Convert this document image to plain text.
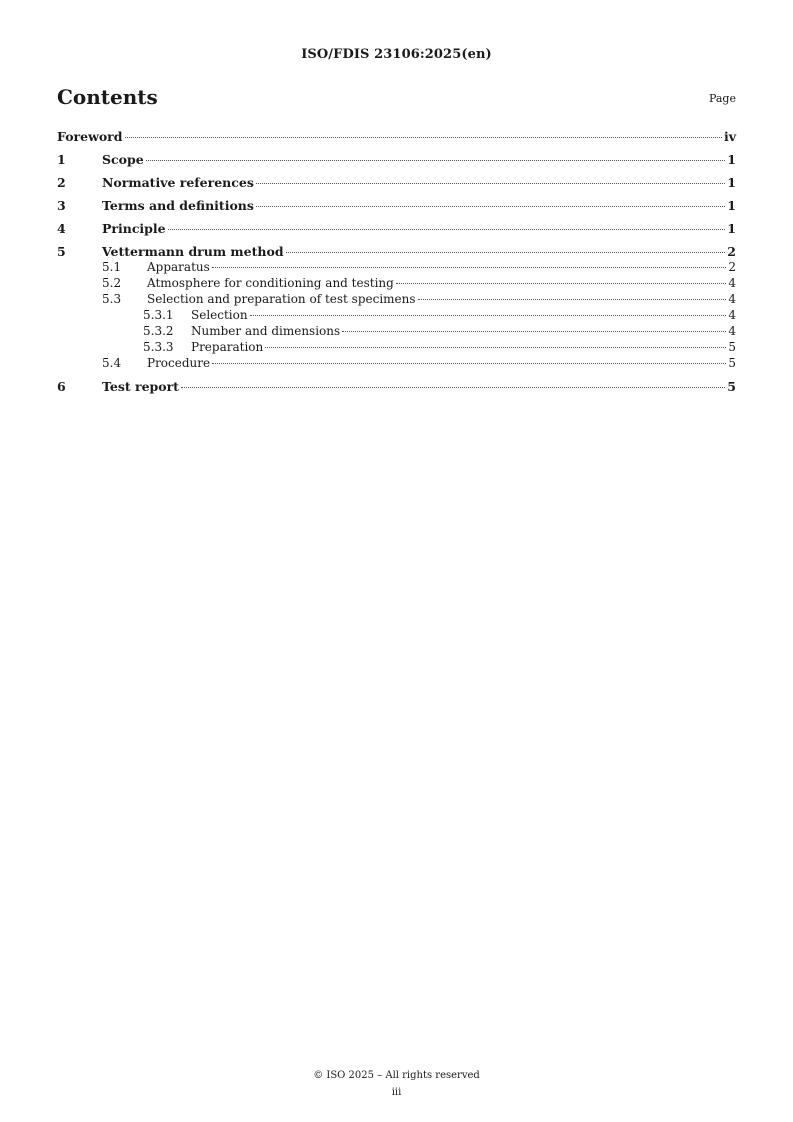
ISO/FDIS 23106:2025(en)
Contents	Page
Foreword	iv
1	Scope	1
2	Normative references	1
3	Terms and definitions	1
4	Principle	1
5	Vettermann drum method	2
5.1	Apparatus	2
5.2	Atmosphere for conditioning and testing	4
5.3	Selection and preparation of test specimens	4
5.3.1	Selection	4
5.3.2	Number and dimensions	4
5.3.3	Preparation	5
5.4	Procedure	5
6	Test report	5
© ISO 2025 – All rights reserved
iii
